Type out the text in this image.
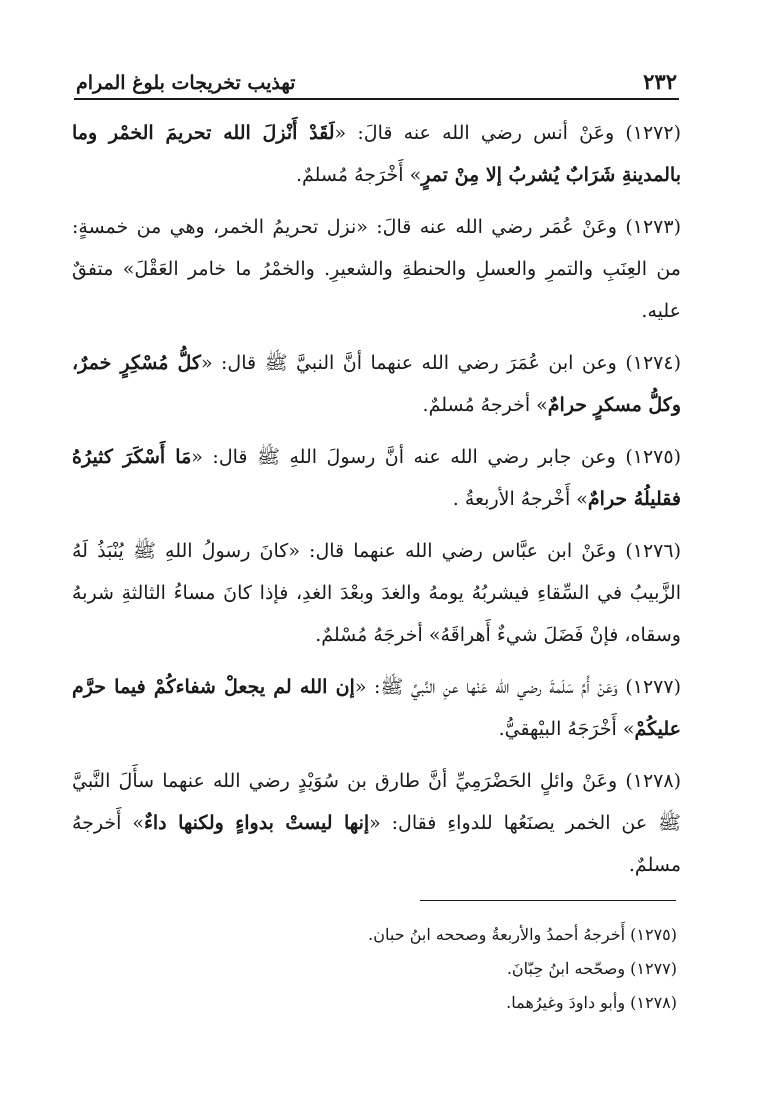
٢٣٢
تهذيب تخريجات بلوغ المرام

(١٢٧٢) وعَنْ أنس رضي الله عنه قالَ: «لَقَدْ أَنْزلَ الله تحريمَ الخمْر وما بالمدينةِ شَرَابٌ يُشربُ إلا مِنْ تمرٍ» أَخْرَجهُ مُسلمٌ.

(١٢٧٣) وعَنْ عُمَر رضي الله عنه قالَ: «نزل تحريمُ الخمر، وهي من خمسةٍ: من العِنَبِ والتمرِ والعسلِ والحنطةِ والشعيرِ. والخمْرُ ما خامر العَقْلَ» متفقٌ عليه.

(١٢٧٤) وعن ابن عُمَرَ رضي الله عنهما أنَّ النبيَّ ﷺ قال: «كلُّ مُسْكِرٍ خمرٌ، وكلُّ مسكرٍ حرامٌ» أخرجهُ مُسلمٌ.

(١٢٧٥) وعن جابر رضي الله عنه أنَّ رسولَ اللهِ ﷺ قال: «مَا أَسْكَرَ كثيرُهُ فقليلُهُ حرامٌ» أَخْرجهُ الأربعةُ .

(١٢٧٦) وعَنْ ابن عبَّاس رضي الله عنهما قال: «كانَ رسولُ اللهِ ﷺ يُنْبَذُ لَهُ الزَّبيبُ في السِّقاءِ فيشربُهُ يومهُ والغدَ وبعْدَ الغدِ، فإذا كانَ مساءُ الثالثةِ شربهُ وسقاه، فإنْ فَضَلَ شيءٌ أَهراقَهُ» أخرجَهُ مُسْلمٌ.

(١٢٧٧) وَعَنْ أُمِّ سَلَمةَ رضي الله عَنْها عنِ النَّبيِّ ﷺ: «إن الله لم يجعلْ شفاءكُمْ فيما حرَّم عليكُمْ» أَخْرَجَهُ البيْهقيُّ.

(١٢٧٨) وعَنْ وائلٍ الحَضْرَمِيِّ أنَّ طارق بن سُوَيْدٍ رضي الله عنهما سأَلَ النَّبيَّ ﷺ عن الخمر يصنَعُها للدواءِ فقال: «إنها ليستْ بدواءٍ ولكنها داءٌ» أَخرجهُ مسلمٌ.

(١٢٧٥) أَخرجهُ أحمدُ والأربعةُ وصححه ابنُ حبان.

(١٢٧٧) وصحّحه ابنُ حِبّانَ.

(١٢٧٨) وأبو داودَ وغيرُهما.
